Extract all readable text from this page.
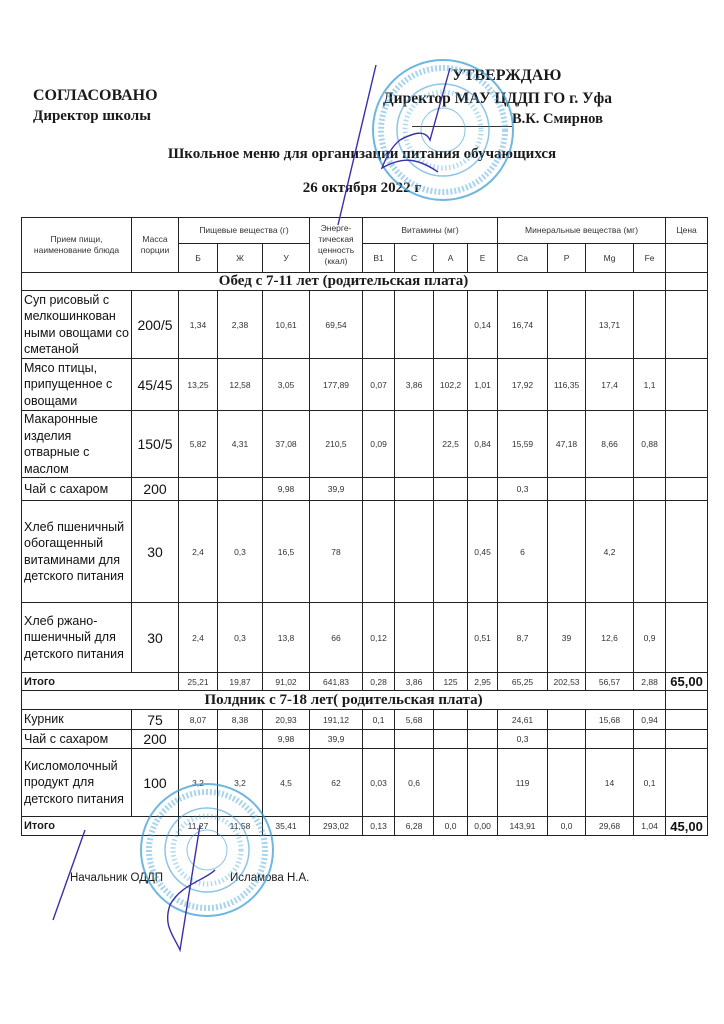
СОГЛАСОВАНО
Директор школы
УТВЕРЖДАЮ
Директор МАУ ЦДДП ГО г. Уфа
В.К. Смирнов
Школьное меню для организации питания обучающихся
26 октября 2022 г
Прием пищи, наименование блюда	Масса порции	Пищевые вещества (г)			Энерге-тическая ценность (ккал)	Витамины (мг)				Минеральные вещества (мг)				Цена
		Б	Ж	У		В1	С	А	Е	Са	Р	Mg	Fe	
Обед с 7-11 лет (родительская плата)														
Суп рисовый с мелкошинкован ными овощами со сметаной	200/5	1,34	2,38	10,61	69,54				0,14	16,74		13,71		
Мясо птицы, припущенное с овощами	45/45	13,25	12,58	3,05	177,89	0,07	3,86	102,2	1,01	17,92	116,35	17,4	1,1	
Макаронные изделия отварные с маслом	150/5	5,82	4,31	37,08	210,5	0,09		22,5	0,84	15,59	47,18	8,66	0,88	
Чай с сахаром	200			9,98	39,9					0,3				
Хлеб пшеничный обогащенный витаминами для детского питания	30	2,4	0,3	16,5	78				0,45	6		4,2		
Хлеб ржано-пшеничный для детского питания	30	2,4	0,3	13,8	66	0,12			0,51	8,7	39	12,6	0,9	
Итого		25,21	19,87	91,02	641,83	0,28	3,86	125	2,95	65,25	202,53	56,57	2,88	65,00
Полдник с 7-18 лет( родительская плата)														
Курник	75	8,07	8,38	20,93	191,12	0,1	5,68			24,61		15,68	0,94	
Чай с сахаром	200			9,98	39,9					0,3				
Кисломолочный продукт для детского питания	100	3,2	3,2	4,5	62	0,03	0,6			119		14	0,1	
Итого		11,27	11,58	35,41	293,02	0,13	6,28	0,0	0,00	143,91	0,0	29,68	1,04	45,00
Начальник ОДДП	Исламова Н.А.
